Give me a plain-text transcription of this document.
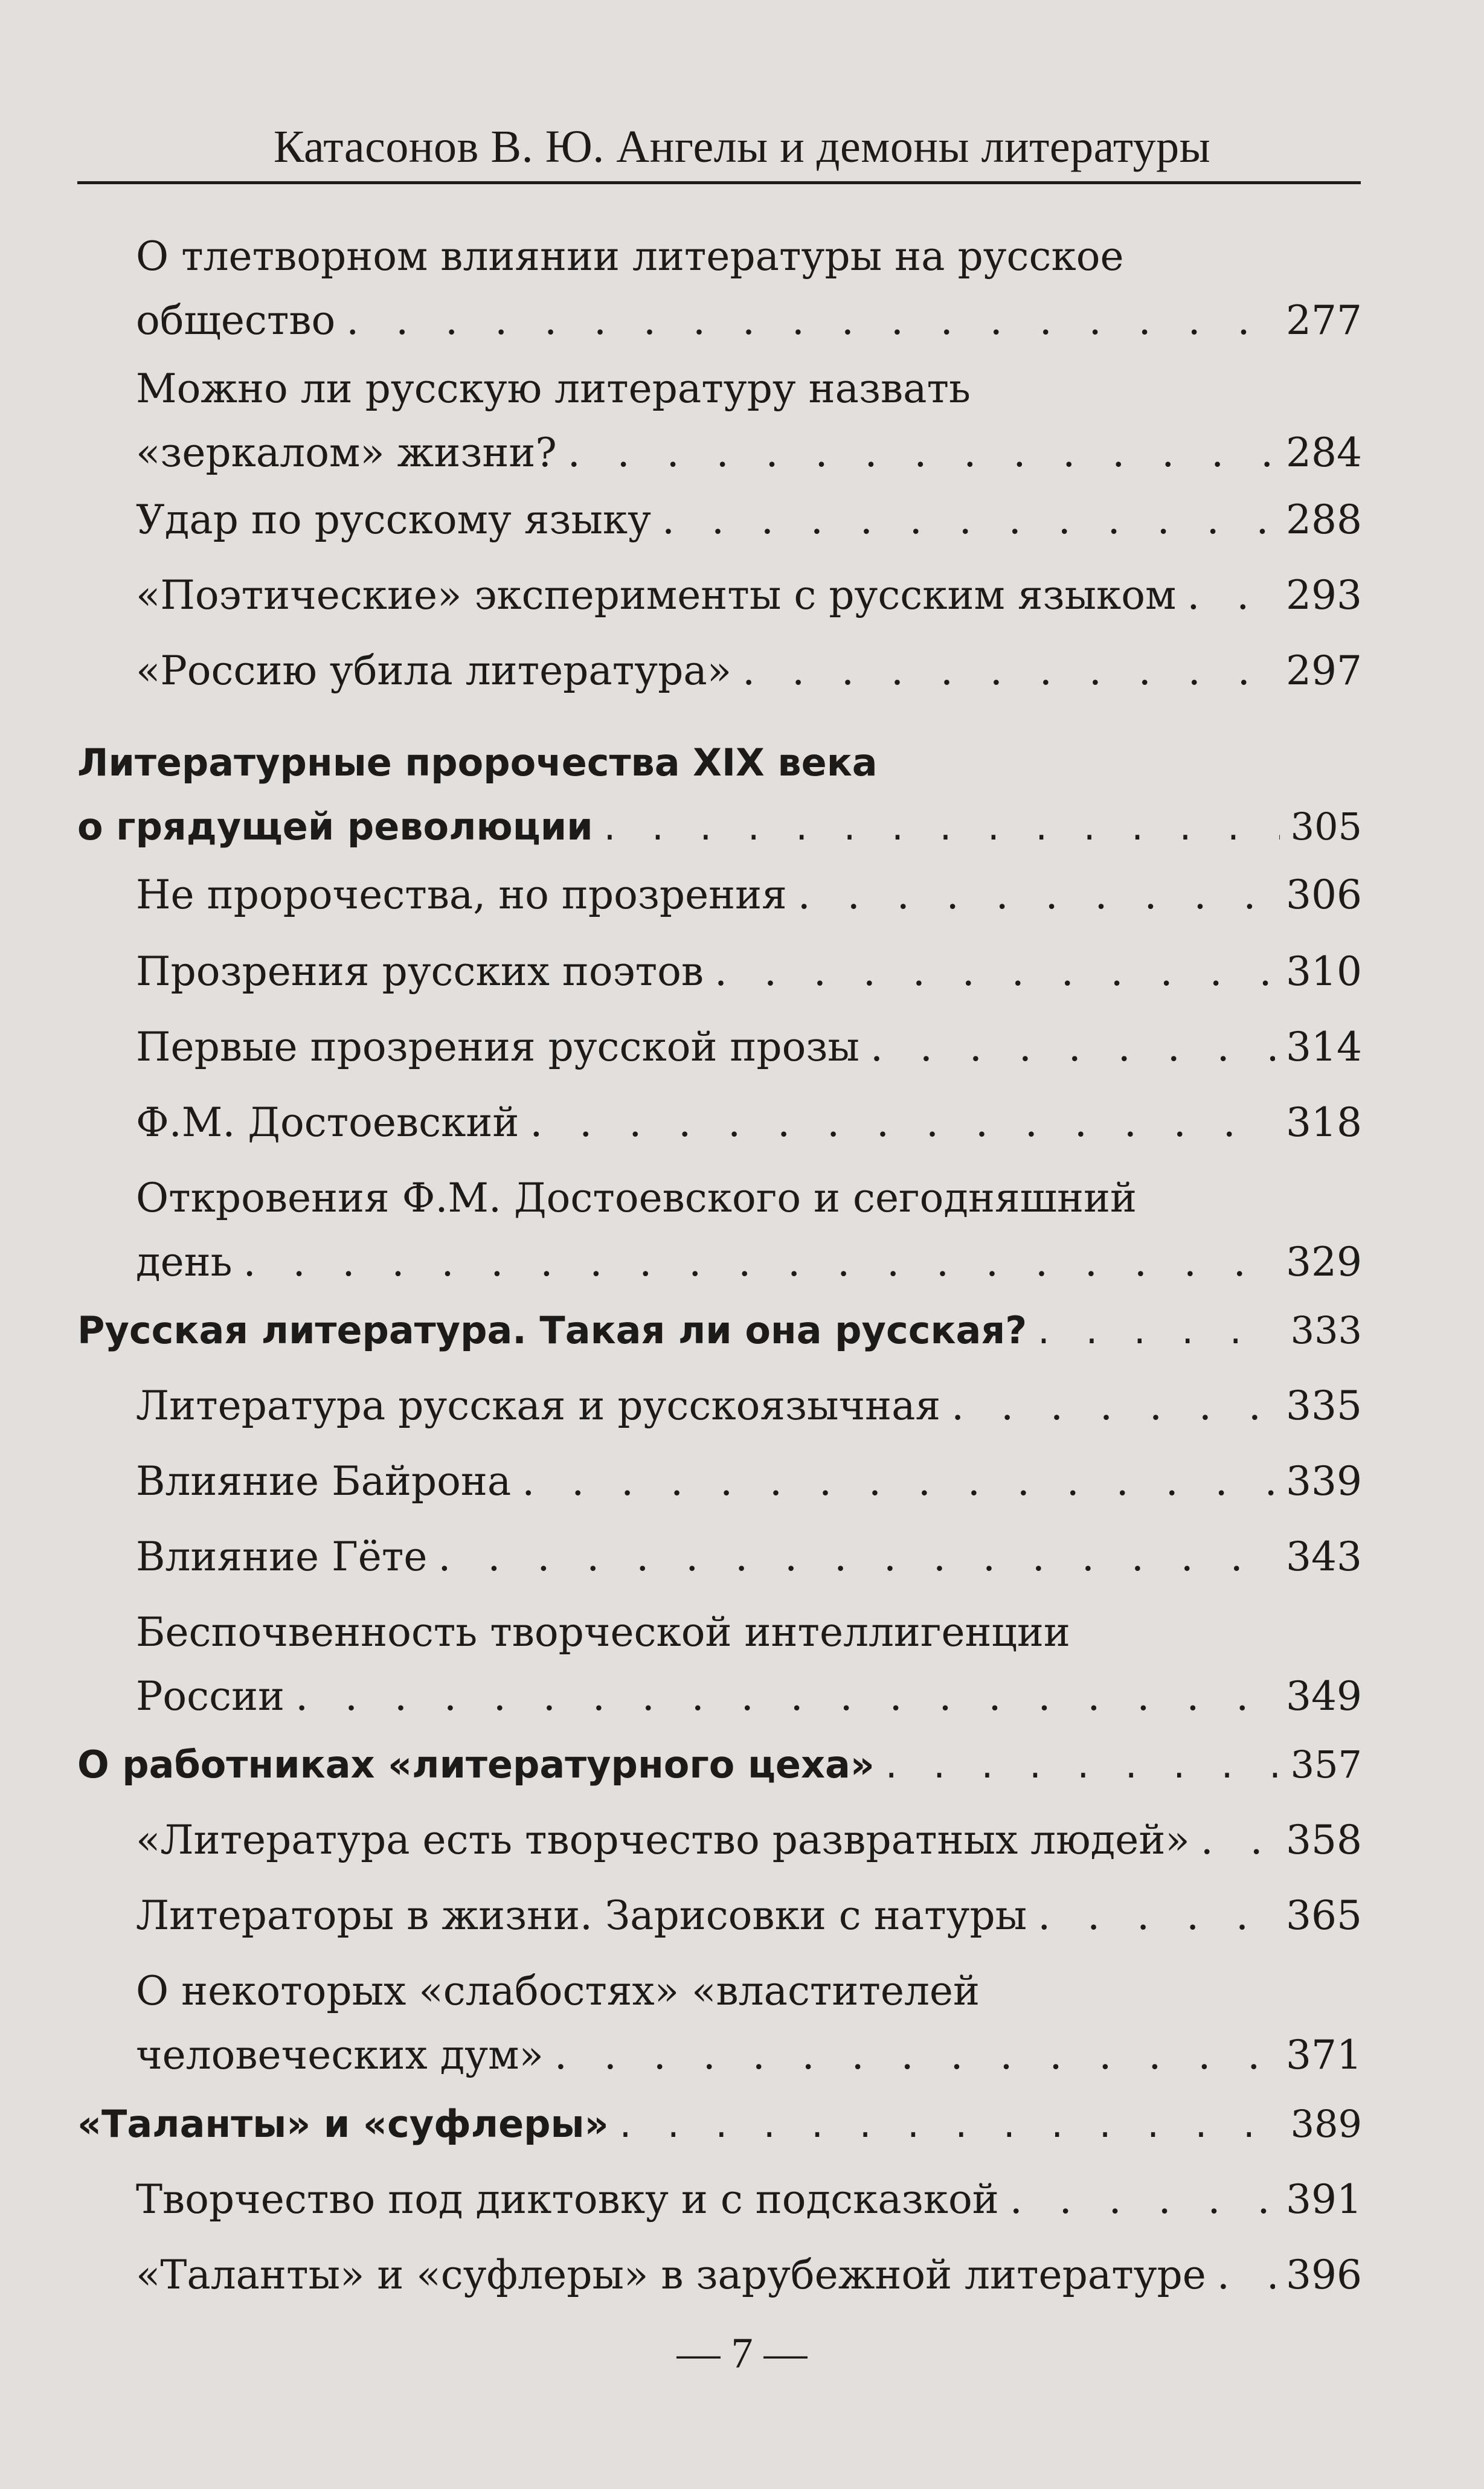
Катасонов В. Ю. Ангелы и демоны литературы
О тлетворном влиянии литературы на русское
общество . . .	277
Можно ли русскую литературу назвать
«зеркалом» жизни? . . .	284
Удар по русскому языку . . .	288
«Поэтические» эксперименты с русским языком . . .	293
«Россию убила литература» . . .	297
Литературные пророчества XIX века
о грядущей революции . . .	305
Не пророчества, но прозрения . . .	306
Прозрения русских поэтов . . .	310
Первые прозрения русской прозы . . .	314
Ф.М. Достоевский . . .	318
Откровения Ф.М. Достоевского и сегодняшний
день . . .	329
Русская литература. Такая ли она русская? . . .	333
Литература русская и русскоязычная . . .	335
Влияние Байрона . . .	339
Влияние Гёте . . .	343
Беспочвенность творческой интеллигенции
России . . .	349
О работниках «литературного цеха» . . .	357
«Литература есть творчество развратных людей» . . . 358
Литераторы в жизни. Зарисовки с натуры . . .	365
О некоторых «слабостях» «властителей
человеческих дум» . . .	371
«Таланты» и «суфлеры» . . .	389
Творчество под диктовку и с подсказкой . . .	391
«Таланты» и «суфлеры» в зарубежной литературе . . . 396
— 7 —
